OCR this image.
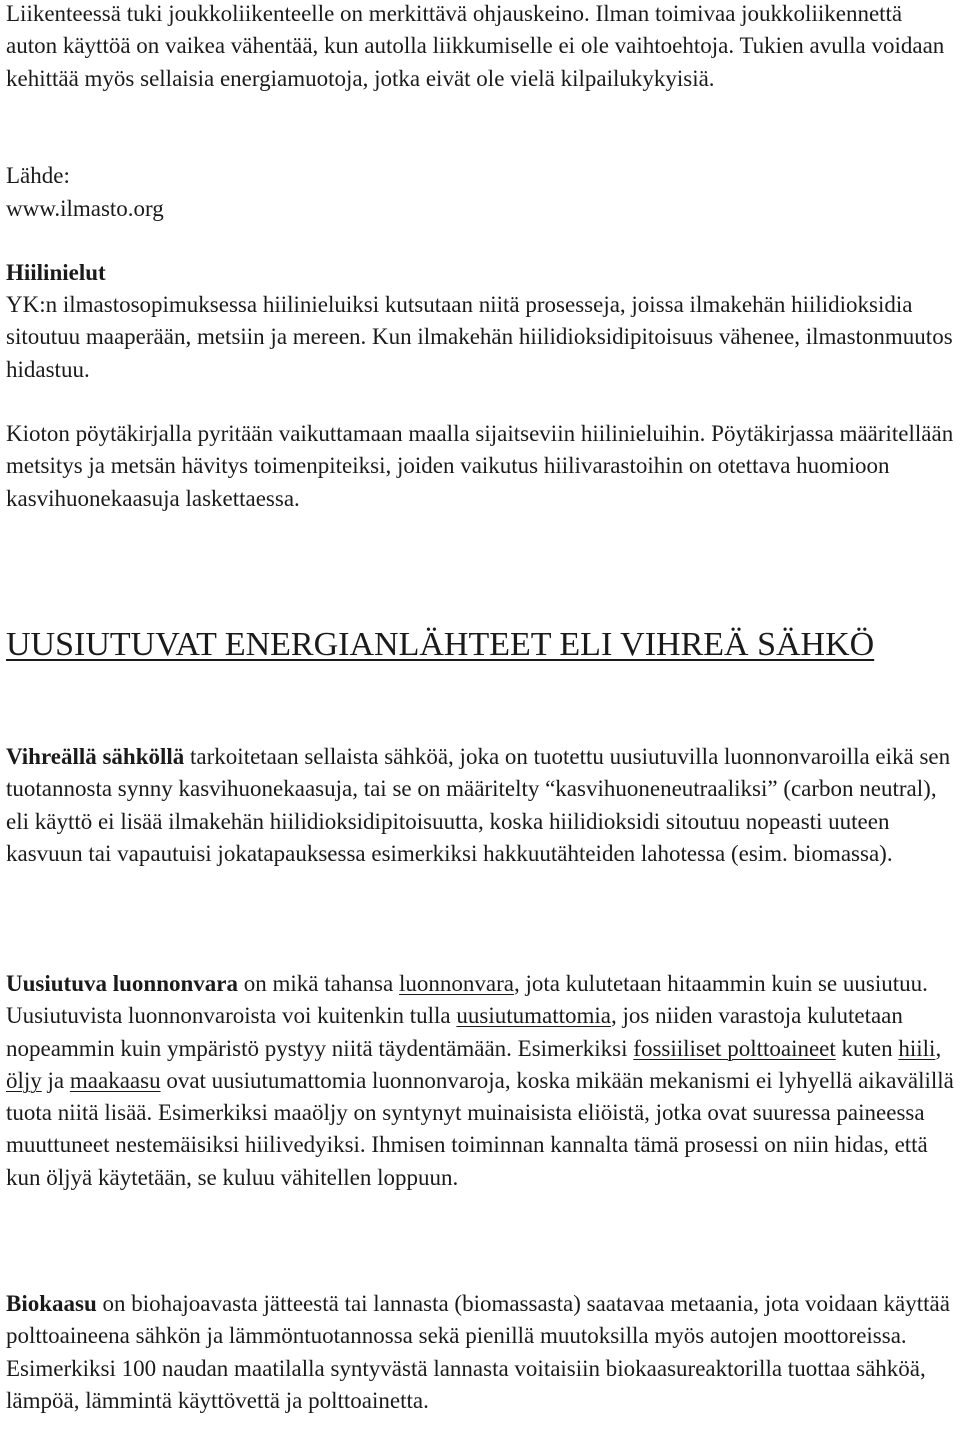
Liikenteessä tuki joukkoliikenteelle on merkittävä ohjauskeino. Ilman toimivaa joukkoliikennettä auton käyttöä on vaikea vähentää, kun autolla liikkumiselle ei ole vaihtoehtoja. Tukien avulla voidaan kehittää myös sellaisia energiamuotoja, jotka eivät ole vielä kilpailukykyisiä.

Lähde:

www.ilmasto.org

Hiilinielut

YK:n ilmastosopimuksessa hiilinieluiksi kutsutaan niitä prosesseja, joissa ilmakehän hiilidioksidia sitoutuu maaperään, metsiin ja mereen. Kun ilmakehän hiilidioksidipitoisuus vähenee, ilmastonmuutos hidastuu.

Kioton pöytäkirjalla pyritään vaikuttamaan maalla sijaitseviin hiilinieluihin. Pöytäkirjassa määritellään metsitys ja metsän hävitys toimenpiteiksi, joiden vaikutus hiilivarastoihin on otettava huomioon kasvihuonekaasuja laskettaessa.

UUSIUTUVAT ENERGIANLÄHTEET ELI VIHREÄ SÄHKÖ

Vihreällä sähköllä tarkoitetaan sellaista sähköä, joka on tuotettu uusiutuvilla luonnonvaroilla eikä sen tuotannosta synny kasvihuonekaasuja, tai se on määritelty “kasvihuoneneutraaliksi” (carbon neutral), eli käyttö ei lisää ilmakehän hiilidioksidipitoisuutta, koska hiilidioksidi sitoutuu nopeasti uuteen kasvuun tai vapautuisi jokatapauksessa esimerkiksi hakkuutähteiden lahotessa (esim. biomassa).

Uusiutuva luonnonvara on mikä tahansa luonnonvara, jota kulutetaan hitaammin kuin se uusiutuu. Uusiutuvista luonnonvaroista voi kuitenkin tulla uusiutumattomia, jos niiden varastoja kulutetaan nopeammin kuin ympäristö pystyy niitä täydentämään. Esimerkiksi fossiiliset polttoaineet kuten hiili, öljy ja maakaasu ovat uusiutumattomia luonnonvaroja, koska mikään mekanismi ei lyhyellä aikavälillä tuota niitä lisää. Esimerkiksi maaöljy on syntynyt muinaisista eliöistä, jotka ovat suuressa paineessa muuttuneet nestemäisiksi hiilivedyiksi. Ihmisen toiminnan kannalta tämä prosessi on niin hidas, että kun öljyä käytetään, se kuluu vähitellen loppuun.

Biokaasu on biohajoavasta jätteestä tai lannasta (biomassasta) saatavaa metaania, jota voidaan käyttää polttoaineena sähkön ja lämmöntuotannossa sekä pienillä muutoksilla myös autojen moottoreissa. Esimerkiksi 100 naudan maatilalla syntyvästä lannasta voitaisiin biokaasureaktorilla tuottaa sähköä, lämpöä, lämmintä käyttövettä ja polttoainetta.
